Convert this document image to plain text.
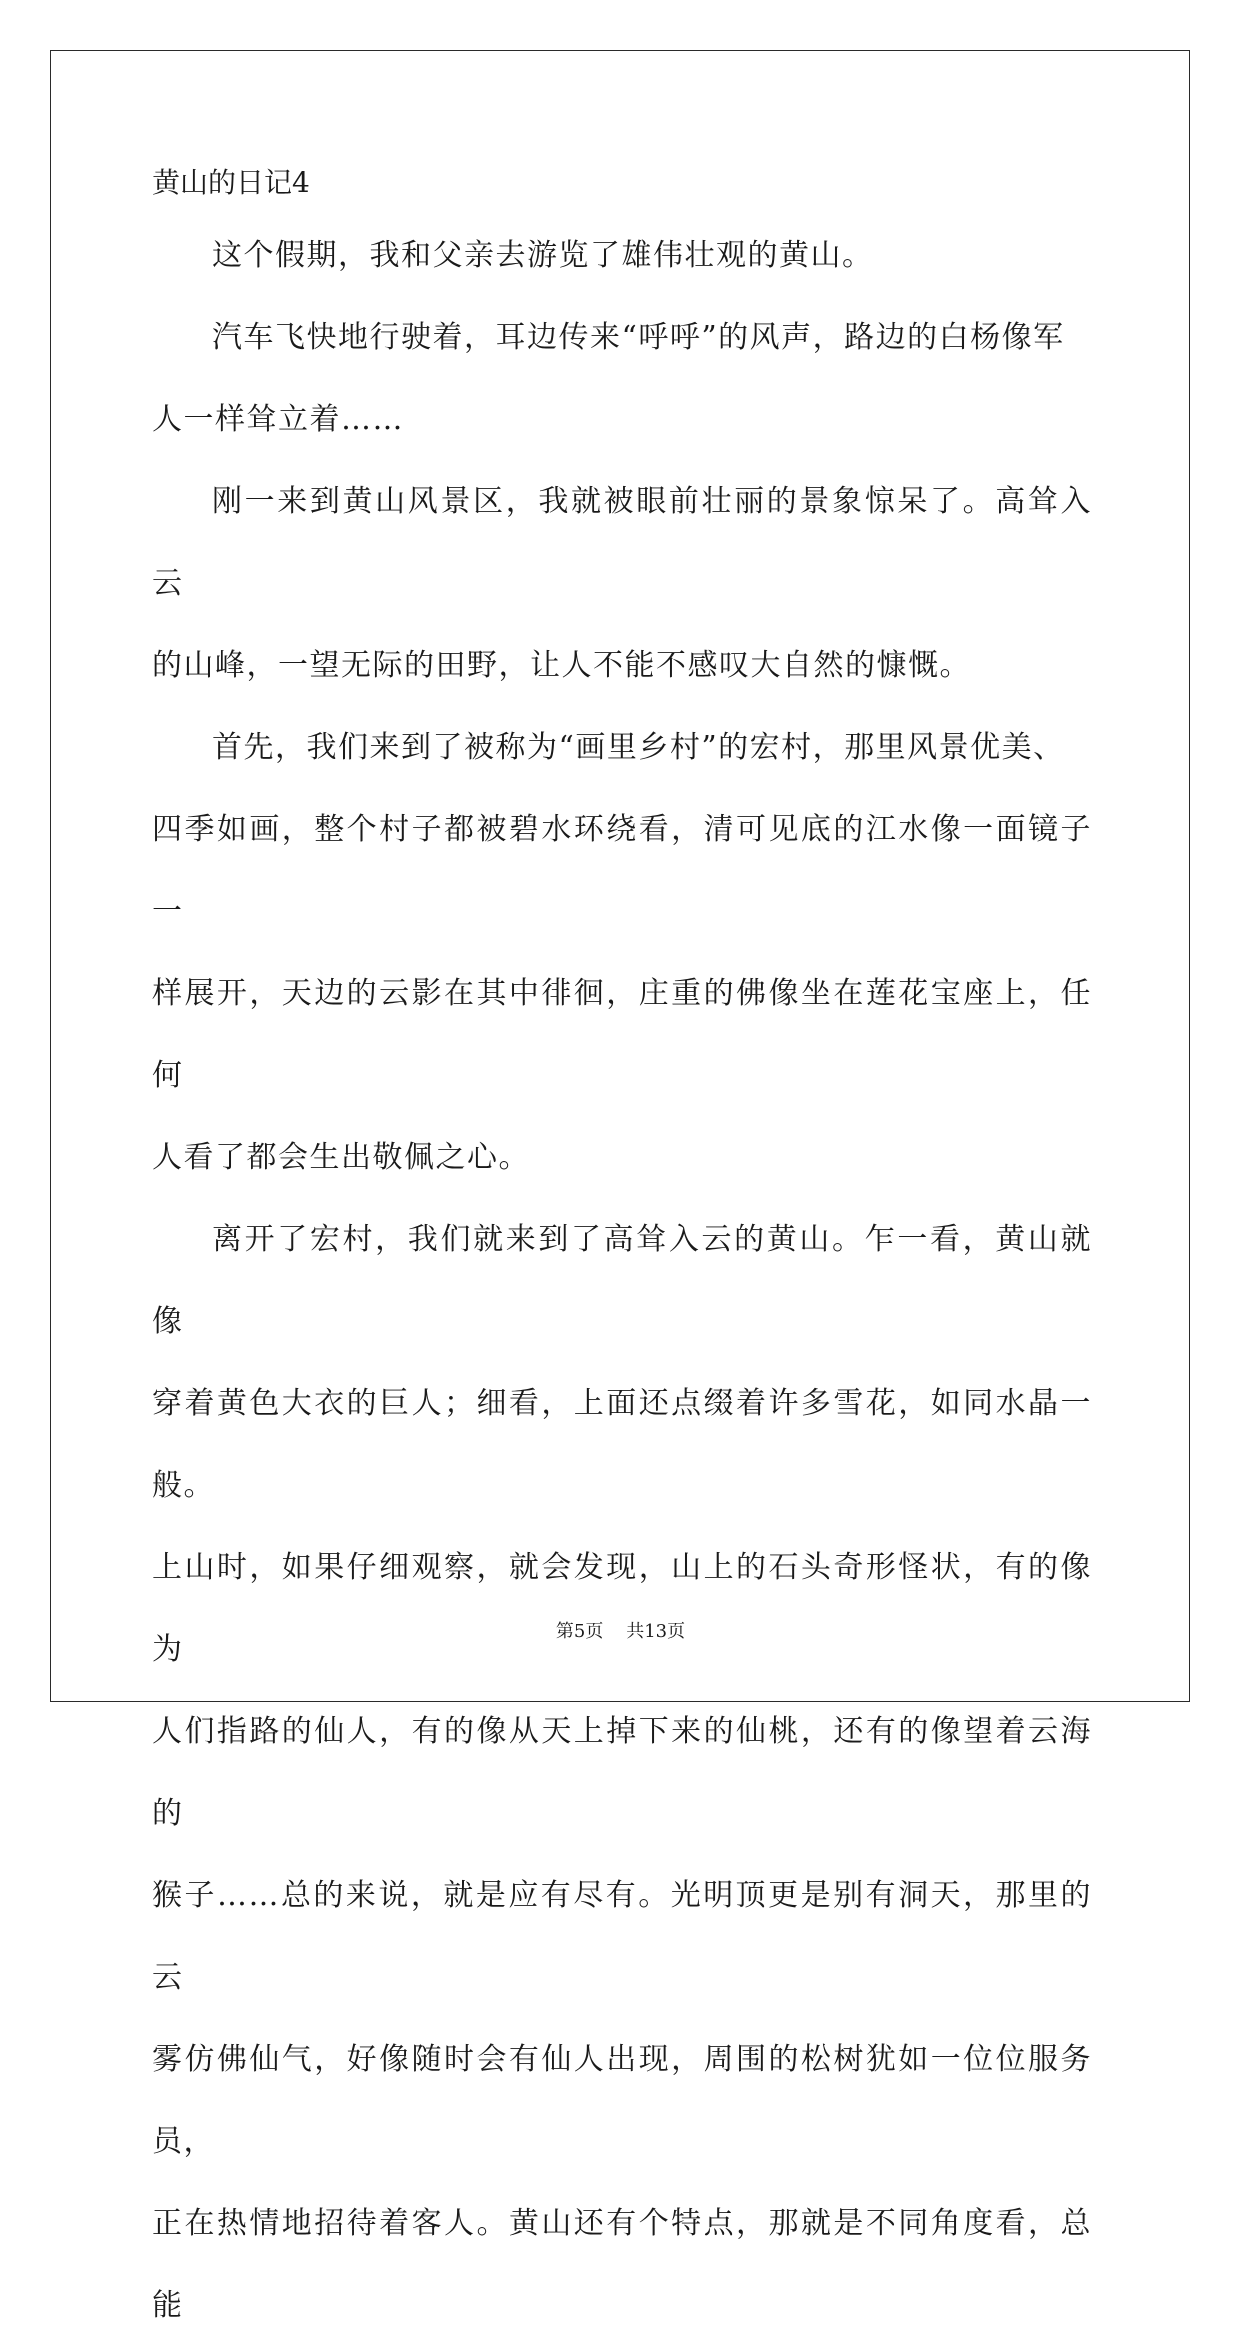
黄山的日记4
这个假期，我和父亲去游览了雄伟壮观的黄山。
汽车飞快地行驶着，耳边传来“呼呼”的风声，路边的白杨像军
人一样耸立着……
刚一来到黄山风景区，我就被眼前壮丽的景象惊呆了。高耸入云
的山峰，一望无际的田野，让人不能不感叹大自然的慷慨。
首先，我们来到了被称为“画里乡村”的宏村，那里风景优美、
四季如画，整个村子都被碧水环绕看，清可见底的江水像一面镜子一
样展开，天边的云影在其中徘徊，庄重的佛像坐在莲花宝座上，任何
人看了都会生出敬佩之心。
离开了宏村，我们就来到了高耸入云的黄山。乍一看，黄山就像
穿着黄色大衣的巨人；细看，上面还点缀着许多雪花，如同水晶一般。
上山时，如果仔细观察，就会发现，山上的石头奇形怪状，有的像为
人们指路的仙人，有的像从天上掉下来的仙桃，还有的像望着云海的
猴子……总的来说，就是应有尽有。光明顶更是别有洞天，那里的云
雾仿佛仙气，好像随时会有仙人出现，周围的松树犹如一位位服务员，
正在热情地招待着客人。黄山还有个特点，那就是不同角度看，总能
第5页 共13页
